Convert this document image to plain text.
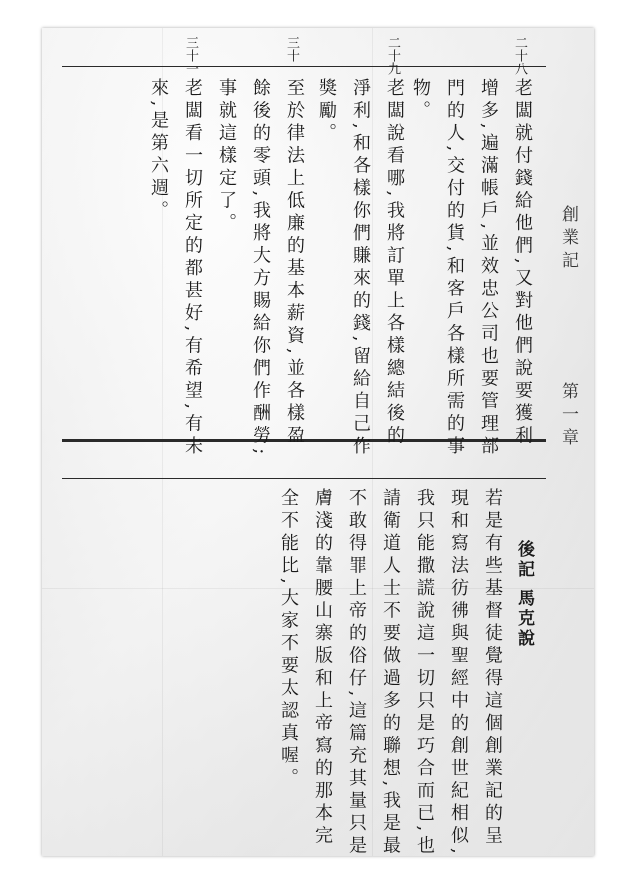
創業記
第一章
二十八
二十九
三十
三十一
老闆就付錢給他們,又對他們說要獲利
增多,遍滿帳戶,並效忠公司也要管理部
門的人,交付的貨,和客戶各樣所需的事
物。
老闆說看哪,我將訂單上各樣總結後的
淨利,和各樣你們賺來的錢,留給自己作
獎勵。
至於律法上低廉的基本薪資,並各樣盈
餘後的零頭,我將大方賜給你們作酬勞;
事就這樣定了。
老闆看一切所定的都甚好,有希望,有未
來,是第六週。
後記 馬克說
若是有些基督徒覺得這個創業記的呈
現和寫法彷彿與聖經中的創世紀相似,
我只能撒謊說這一切只是巧合而已,也
請衛道人士不要做過多的聯想,我是最
不敢得罪上帝的俗仔,這篇充其量只是
膚淺的靠腰山寨版和上帝寫的那本完
全不能比,大家不要太認真喔。
